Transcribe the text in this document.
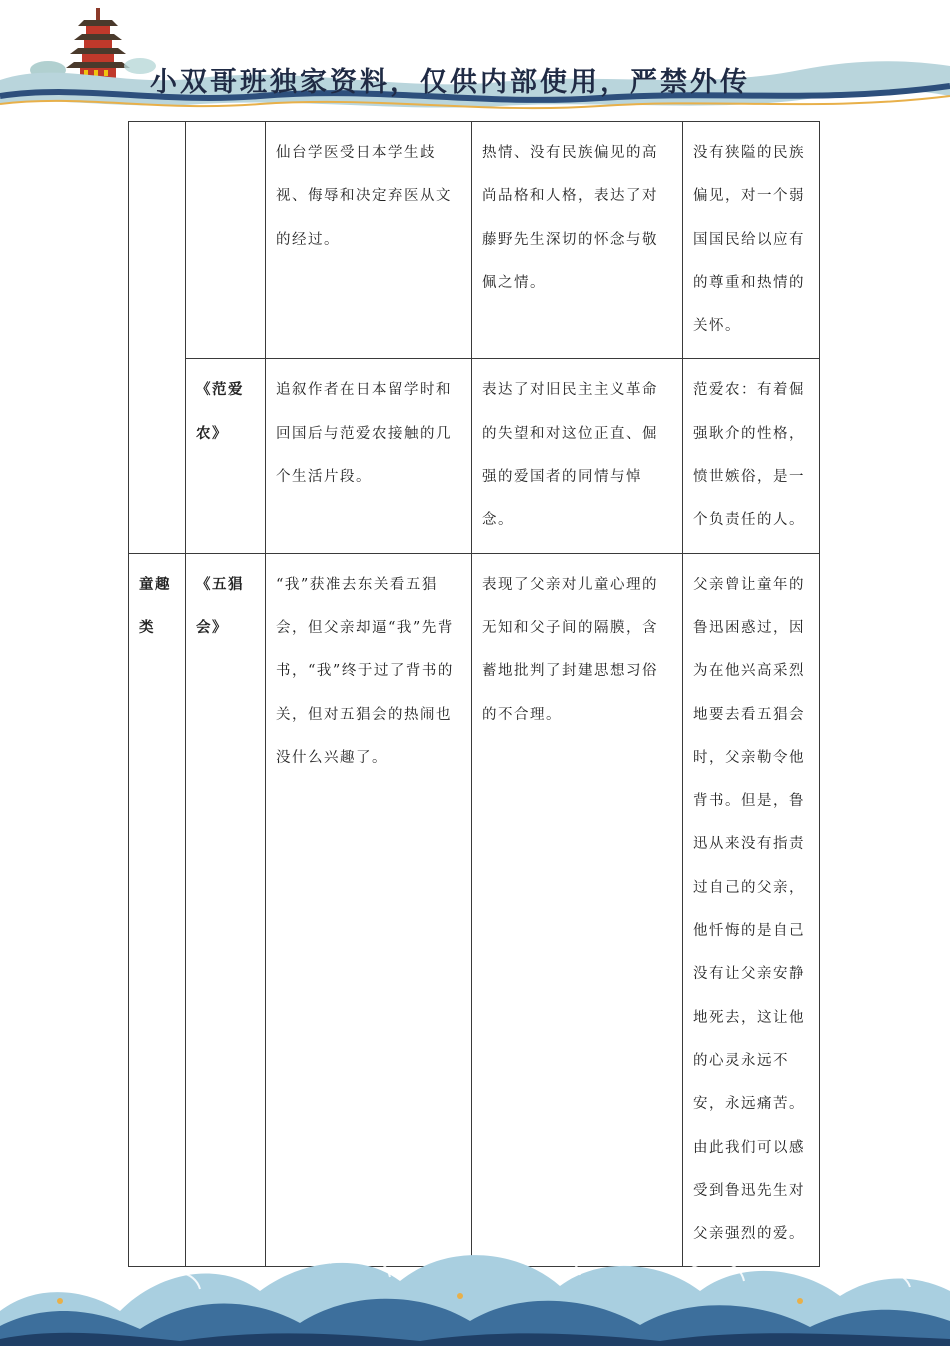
小双哥班独家资料，仅供内部使用，严禁外传
		仙台学医受日本学生歧视、侮辱和决定弃医从文的经过。	热情、没有民族偏见的高尚品格和人格，表达了对藤野先生深切的怀念与敬佩之情。	没有狭隘的民族偏见，对一个弱国国民给以应有的尊重和热情的关怀。
	《范爱农》	追叙作者在日本留学时和回国后与范爱农接触的几个生活片段。	表达了对旧民主主义革命的失望和对这位正直、倔强的爱国者的同情与悼念。	范爱农：有着倔强耿介的性格，愤世嫉俗，是一个负责任的人。
童趣类	《五猖会》	“我”获准去东关看五猖会，但父亲却逼“我”先背书，“我”终于过了背书的关，但对五猖会的热闹也没什么兴趣了。	表现了父亲对儿童心理的无知和父子间的隔膜，含蓄地批判了封建思想习俗的不合理。	父亲曾让童年的鲁迅困惑过，因为在他兴高采烈地要去看五猖会时，父亲勒令他背书。但是，鲁迅从来没有指责过自己的父亲，他忏悔的是自己没有让父亲安静地死去，这让他的心灵永远不安，永远痛苦。由此我们可以感受到鲁迅先生对父亲强烈的爱。
